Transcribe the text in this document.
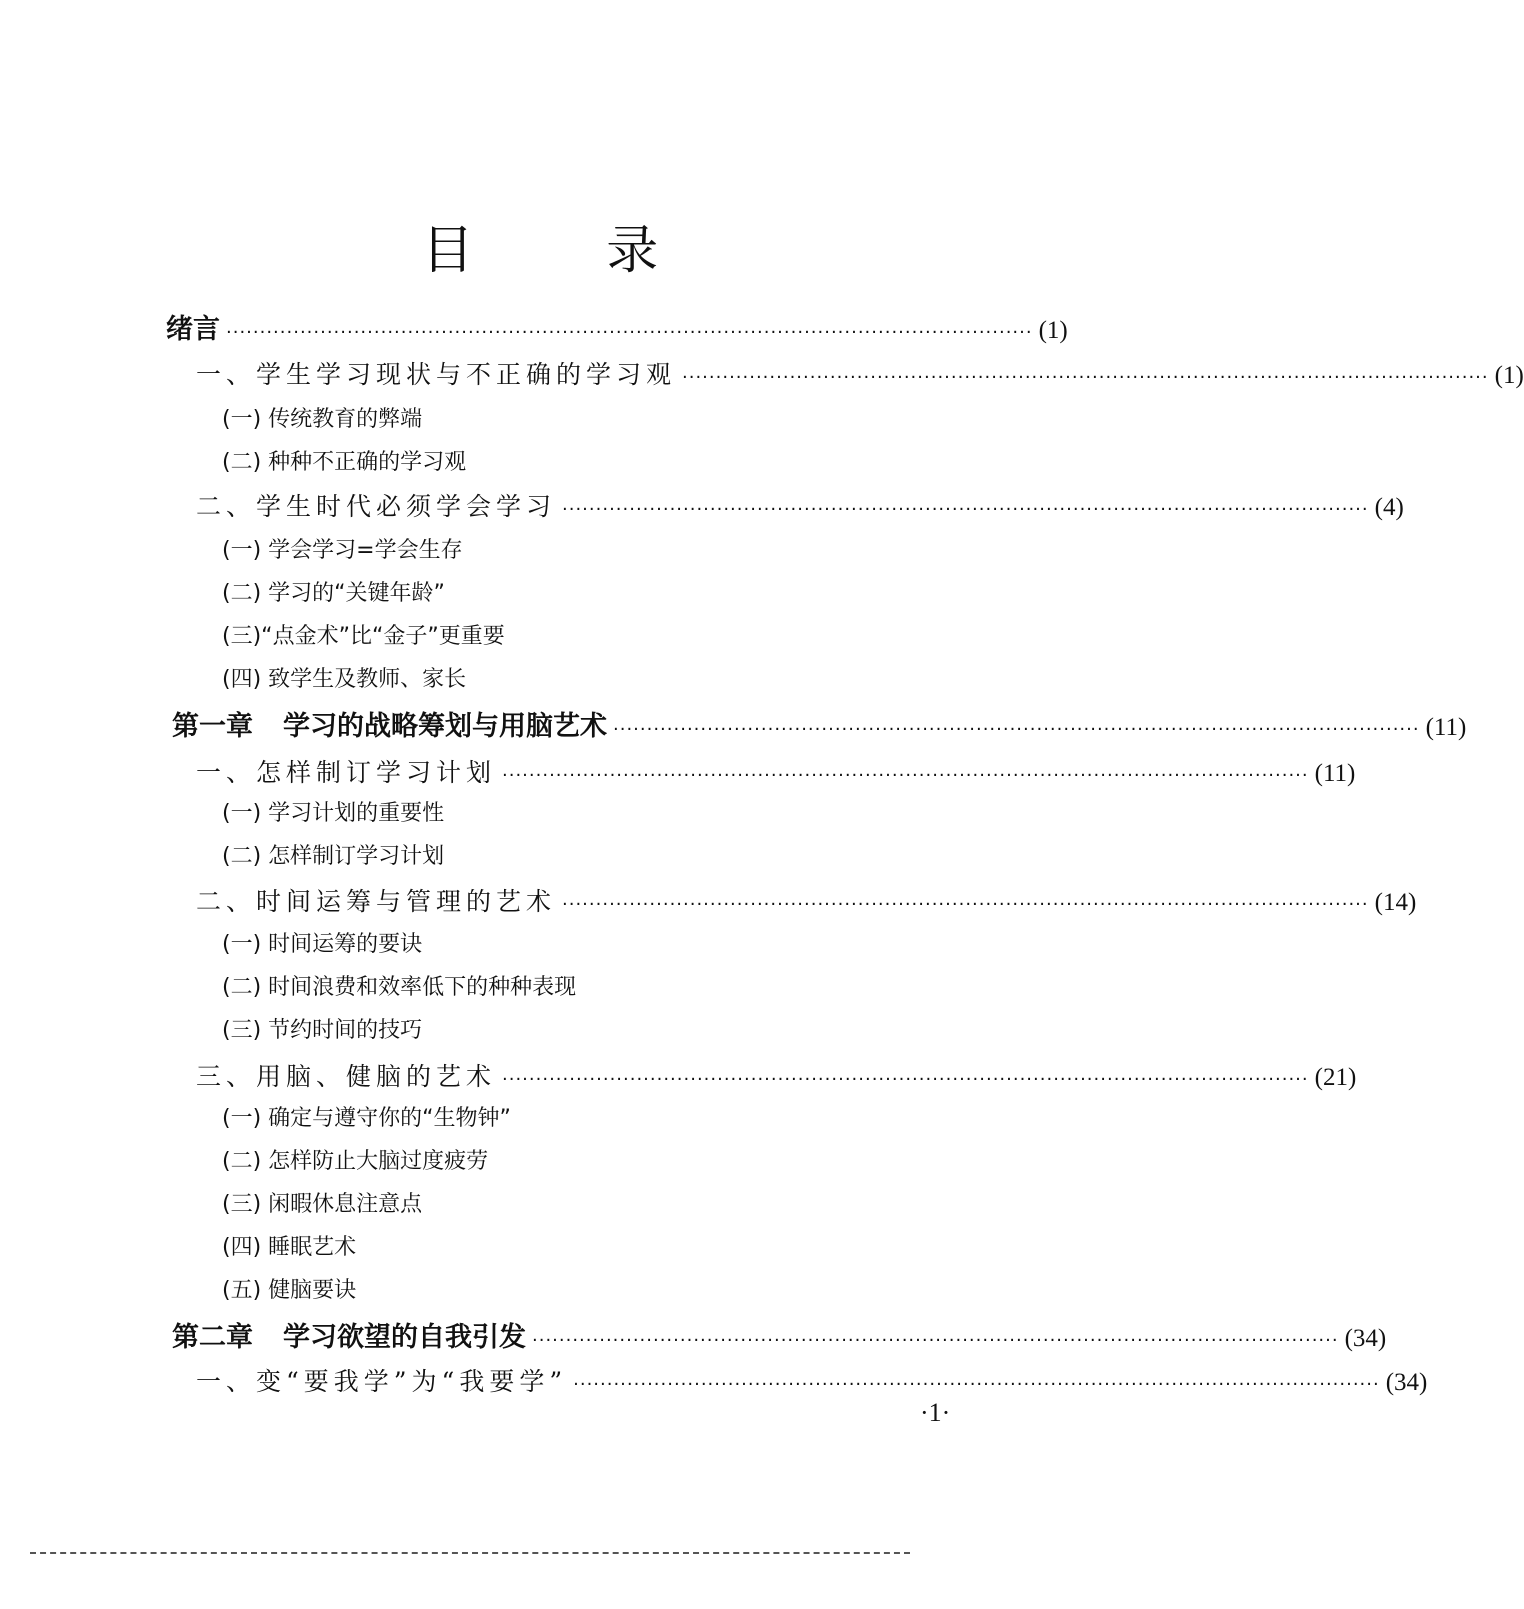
目 录
绪言 ························································································································ (1)
一、学生学习现状与不正确的学习观 ························································································································ (1)
(一) 传统教育的弊端
(二) 种种不正确的学习观
二、学生时代必须学会学习 ························································································································ (4)
(一) 学会学习=学会生存
(二) 学习的“关键年龄”
(三)“点金术”比“金子”更重要
(四) 致学生及教师、家长
第一章 学习的战略筹划与用脑艺术 ························································································································ (11)
一、怎样制订学习计划 ························································································································ (11)
(一) 学习计划的重要性
(二) 怎样制订学习计划
二、时间运筹与管理的艺术 ························································································································ (14)
(一) 时间运筹的要诀
(二) 时间浪费和效率低下的种种表现
(三) 节约时间的技巧
三、用脑、健脑的艺术 ························································································································ (21)
(一) 确定与遵守你的“生物钟”
(二) 怎样防止大脑过度疲劳
(三) 闲暇休息注意点
(四) 睡眠艺术
(五) 健脑要诀
第二章 学习欲望的自我引发 ························································································································ (34)
一、变“要我学”为“我要学” ························································································································ (34)
·1·
